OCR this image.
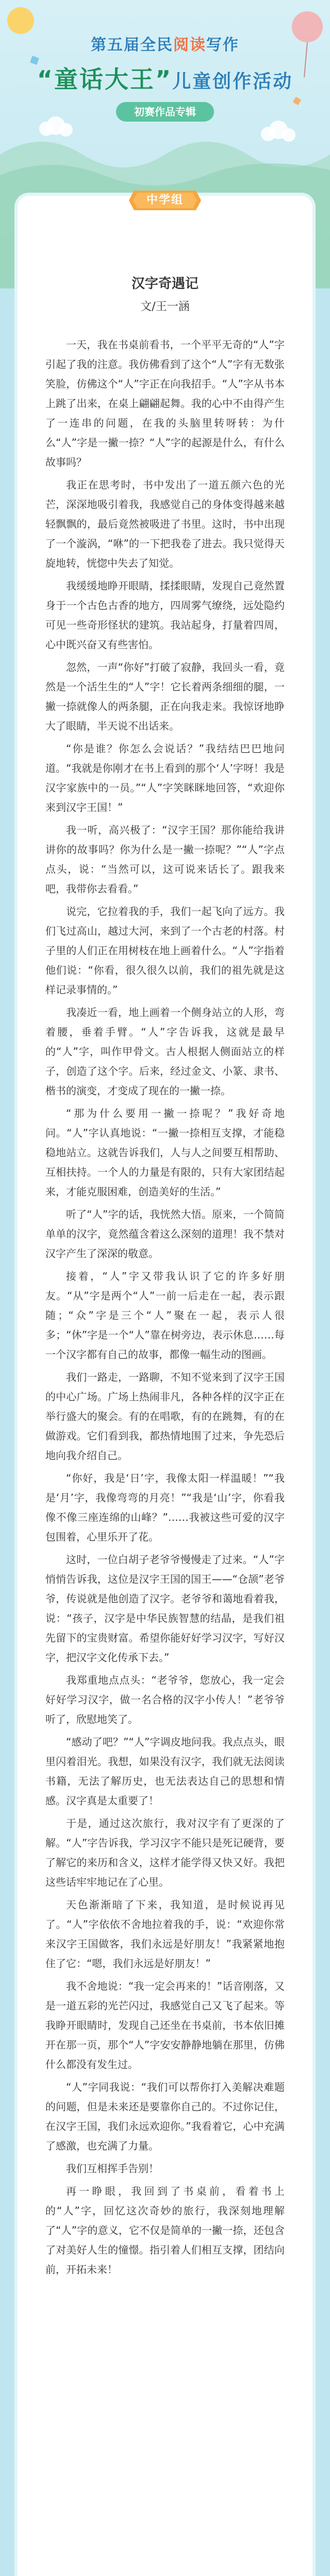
第五届全民阅读写作
“童话大王”儿童创作活动
初赛作品专辑
中学组
汉字奇遇记
文/王一涵

一天，我在书桌前看书，一个平平无奇的“人”字引起了我的注意。我仿佛看到了这个“人”字有无数张笑脸，仿佛这个“人”字正在向我招手。“人”字从书本上跳了出来，在桌上翩翩起舞。我的心中不由得产生了一连串的问题，在我的头脑里转呀转：为什么“人”字是一撇一捺？“人”字的起源是什么，有什么故事吗？

我正在思考时，书中发出了一道五颜六色的光芒，深深地吸引着我，我感觉自己的身体变得越来越轻飘飘的，最后竟然被吸进了书里。这时，书中出现了一个漩涡，“咻”的一下把我卷了进去。我只觉得天旋地转，恍惚中失去了知觉。

我缓缓地睁开眼睛，揉揉眼睛，发现自己竟然置身于一个古色古香的地方，四周雾气缭绕，远处隐约可见一些奇形怪状的建筑。我站起身，打量着四周，心中既兴奋又有些害怕。

忽然，一声“你好”打破了寂静，我回头一看，竟然是一个活生生的“人”字！它长着两条细细的腿，一撇一捺就像人的两条腿，正在向我走来。我惊讶地睁大了眼睛，半天说不出话来。

“你是谁？你怎么会说话？”我结结巴巴地问道。“我就是你刚才在书上看到的那个‘人’字呀！我是汉字家族中的一员。”“人”字笑眯眯地回答，“欢迎你来到汉字王国！”

我一听，高兴极了：“汉字王国？那你能给我讲讲你的故事吗？你为什么是一撇一捺呢？”“人”字点点头，说：“当然可以，这可说来话长了。跟我来吧，我带你去看看。”

说完，它拉着我的手，我们一起飞向了远方。我们飞过高山，越过大河，来到了一个古老的村落。村子里的人们正在用树枝在地上画着什么。“人”字指着他们说：“你看，很久很久以前，我们的祖先就是这样记录事情的。”

我凑近一看，地上画着一个侧身站立的人形，弯着腰，垂着手臂。“人”字告诉我，这就是最早的“人”字，叫作甲骨文。古人根据人侧面站立的样子，创造了这个字。后来，经过金文、小篆、隶书、楷书的演变，才变成了现在的一撇一捺。

“那为什么要用一撇一捺呢？”我好奇地问。“人”字认真地说：“一撇一捺相互支撑，才能稳稳地站立。这就告诉我们，人与人之间要互相帮助、互相扶持。一个人的力量是有限的，只有大家团结起来，才能克服困难，创造美好的生活。”

听了“人”字的话，我恍然大悟。原来，一个简简单单的汉字，竟然蕴含着这么深刻的道理！我不禁对汉字产生了深深的敬意。

接着，“人”字又带我认识了它的许多好朋友。“从”字是两个“人”一前一后走在一起，表示跟随；“众”字是三个“人”聚在一起，表示人很多；“休”字是一个“人”靠在树旁边，表示休息……每一个汉字都有自己的故事，都像一幅生动的图画。

我们一路走，一路聊，不知不觉来到了汉字王国的中心广场。广场上热闹非凡，各种各样的汉字正在举行盛大的聚会。有的在唱歌，有的在跳舞，有的在做游戏。它们看到我，都热情地围了过来，争先恐后地向我介绍自己。

“你好，我是‘日’字，我像太阳一样温暖！”“我是‘月’字，我像弯弯的月亮！”“我是‘山’字，你看我像不像三座连绵的山峰？”……我被这些可爱的汉字包围着，心里乐开了花。

这时，一位白胡子老爷爷慢慢走了过来。“人”字悄悄告诉我，这位是汉字王国的国王——“仓颉”老爷爷，传说就是他创造了汉字。老爷爷和蔼地看着我，说：“孩子，汉字是中华民族智慧的结晶，是我们祖先留下的宝贵财富。希望你能好好学习汉字，写好汉字，把汉字文化传承下去。”

我郑重地点点头：“老爷爷，您放心，我一定会好好学习汉字，做一名合格的汉字小传人！”老爷爷听了，欣慰地笑了。

“感动了吧？”“人”字调皮地问我。我点点头，眼里闪着泪光。我想，如果没有汉字，我们就无法阅读书籍，无法了解历史，也无法表达自己的思想和情感。汉字真是太重要了！

于是，通过这次旅行，我对汉字有了更深的了解。“人”字告诉我，学习汉字不能只是死记硬背，要了解它的来历和含义，这样才能学得又快又好。我把这些话牢牢地记在了心里。

天色渐渐暗了下来，我知道，是时候说再见了。“人”字依依不舍地拉着我的手，说：“欢迎你常来汉字王国做客，我们永远是好朋友！”我紧紧地抱住了它：“嗯，我们永远是好朋友！”

我不舍地说：“我一定会再来的！”话音刚落，又是一道五彩的光芒闪过，我感觉自己又飞了起来。等我睁开眼睛时，发现自己还坐在书桌前，书本依旧摊开在那一页，那个“人”字安安静静地躺在那里，仿佛什么都没有发生过。

“人”字同我说：“我们可以帮你打入美解决难题的问题，但是未来还是要靠你自己的。不过你记住，在汉字王国，我们永远欢迎你。”我看着它，心中充满了感激，也充满了力量。

我们互相挥手告别！

再一睁眼，我回到了书桌前，看着书上的“人”字，回忆这次奇妙的旅行，我深刻地理解了“人”字的意义，它不仅是简单的一撇一捺，还包含了对美好人生的憧憬。指引着人们相互支撑，团结向前，开拓未来！
